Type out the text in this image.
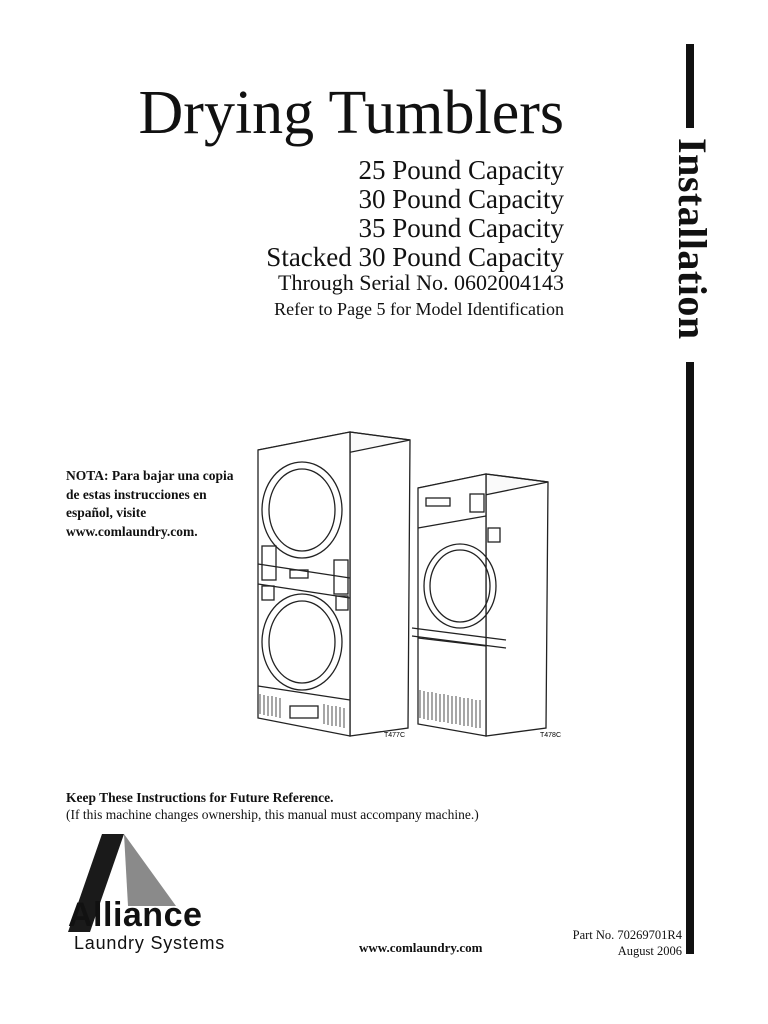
Installation
Drying Tumblers
25 Pound Capacity
30 Pound Capacity
35 Pound Capacity
Stacked 30 Pound Capacity
Through Serial No. 0602004143
Refer to Page 5 for Model Identification
NOTA: Para bajar una copia de estas instrucciones en español, visite www.comlaundry.com.
T477C	T478C
Keep These Instructions for Future Reference.
(If this machine changes ownership, this manual must accompany machine.)
Alliance
Laundry Systems	www.comlaundry.com
Part No. 70269701R4
August 2006
